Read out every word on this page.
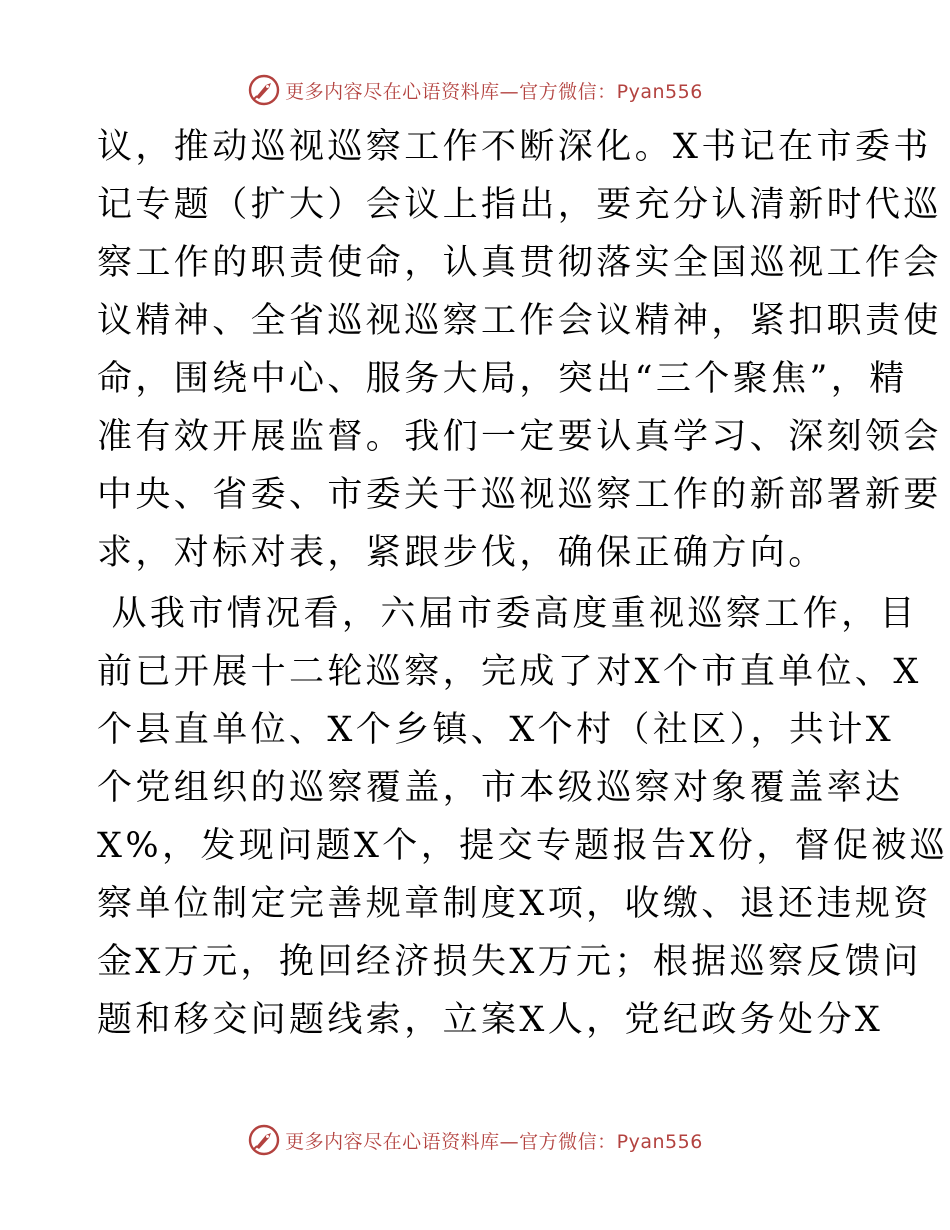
更多内容尽在心语资料库—官方微信：Pyan556
议，推动巡视巡察工作不断深化。X书记在市委书
记专题（扩大）会议上指出，要充分认清新时代巡
察工作的职责使命，认真贯彻落实全国巡视工作会
议精神、全省巡视巡察工作会议精神，紧扣职责使
命，围绕中心、服务大局，突出“三个聚焦”，精
准有效开展监督。我们一定要认真学习、深刻领会
中央、省委、市委关于巡视巡察工作的新部署新要
求，对标对表，紧跟步伐，确保正确方向。
从我市情况看，六届市委高度重视巡察工作，目
前已开展十二轮巡察，完成了对X个市直单位、X
个县直单位、X个乡镇、X个村（社区），共计X
个党组织的巡察覆盖，市本级巡察对象覆盖率达
X%，发现问题X个，提交专题报告X份，督促被巡
察单位制定完善规章制度X项，收缴、退还违规资
金X万元，挽回经济损失X万元；根据巡察反馈问
题和移交问题线索，立案X人，党纪政务处分X
更多内容尽在心语资料库—官方微信：Pyan556
